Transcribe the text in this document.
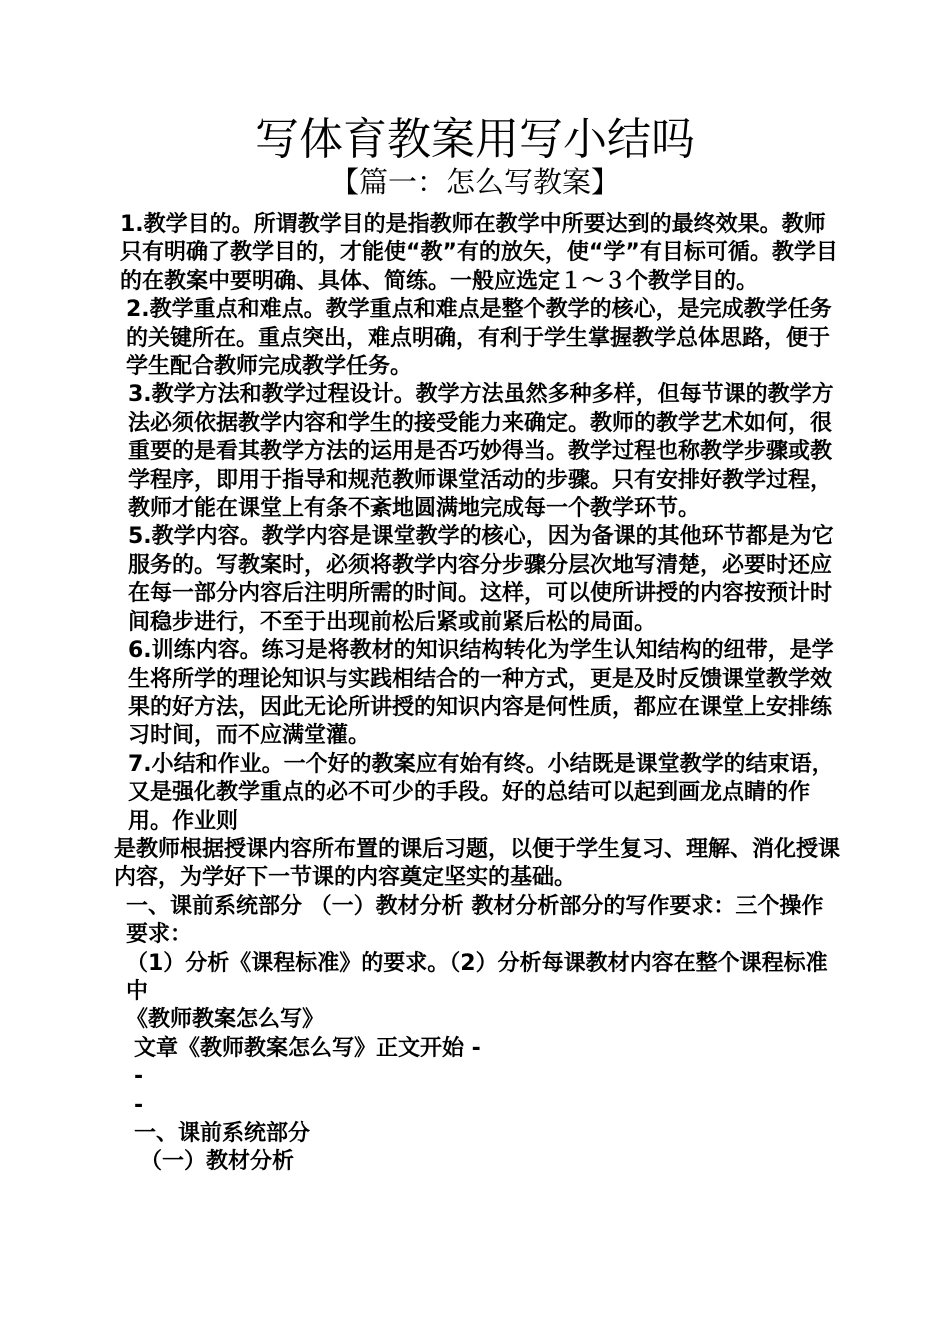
写体育教案用写小结吗
【篇一：怎么写教案】

1.教学目的。所谓教学目的是指教师在教学中所要达到的最终效果。教师只有明确了教学目的，才能使“教”有的放矢，使“学”有目标可循。教学目的在教案中要明确、具体、简练。一般应选定１～３个教学目的。

2.教学重点和难点。教学重点和难点是整个教学的核心，是完成教学任务的关键所在。重点突出，难点明确，有利于学生掌握教学总体思路，便于学生配合教师完成教学任务。

3.教学方法和教学过程设计。教学方法虽然多种多样，但每节课的教学方法必须依据教学内容和学生的接受能力来确定。教师的教学艺术如何，很重要的是看其教学方法的运用是否巧妙得当。教学过程也称教学步骤或教学程序，即用于指导和规范教师课堂活动的步骤。只有安排好教学过程，教师才能在课堂上有条不紊地圆满地完成每一个教学环节。

5.教学内容。教学内容是课堂教学的核心，因为备课的其他环节都是为它服务的。写教案时，必须将教学内容分步骤分层次地写清楚，必要时还应在每一部分内容后注明所需的时间。这样，可以使所讲授的内容按预计时间稳步进行，不至于出现前松后紧或前紧后松的局面。

6.训练内容。练习是将教材的知识结构转化为学生认知结构的纽带，是学生将所学的理论知识与实践相结合的一种方式，更是及时反馈课堂教学效果的好方法，因此无论所讲授的知识内容是何性质，都应在课堂上安排练习时间，而不应满堂灌。

7.小结和作业。一个好的教案应有始有终。小结既是课堂教学的结束语，又是强化教学重点的必不可少的手段。好的总结可以起到画龙点睛的作用。作业则

是教师根据授课内容所布置的课后习题，以便于学生复习、理解、消化授课内容，为学好下一节课的内容奠定坚实的基础。

一、课前系统部分 （一）教材分析 教材分析部分的写作要求：三个操作要求：

（1）分析《课程标准》的要求。（2）分析每课教材内容在整个课程标准中

《教师教案怎么写》

文章《教师教案怎么写》正文开始 -

-

-

一、课前系统部分

（一）教材分析
